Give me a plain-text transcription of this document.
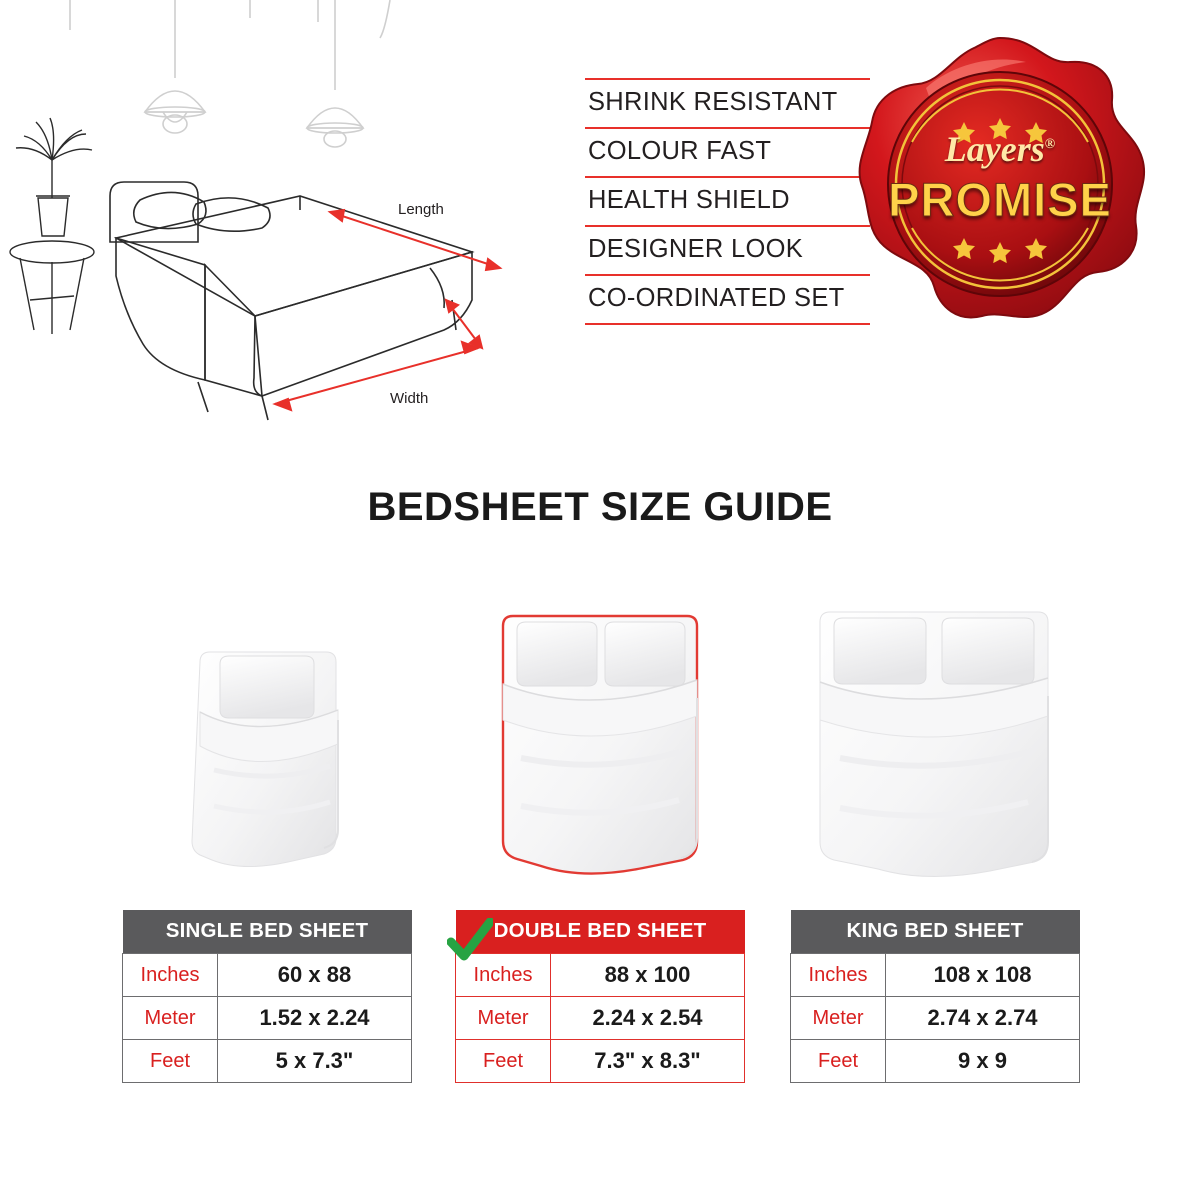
Length
Width
SHRINK RESISTANT
COLOUR FAST
HEALTH SHIELD
DESIGNER LOOK
CO-ORDINATED SET
Layers®
PROMISE
BEDSHEET SIZE GUIDE
SINGLE BED SHEET	
Inches	60 x 88
Meter	1.52 x 2.24
Feet	5 x 7.3"
DOUBLE BED SHEET	
Inches	88 x 100
Meter	2.24 x 2.54
Feet	7.3" x 8.3"
KING BED SHEET	
Inches	108 x 108
Meter	2.74 x 2.74
Feet	9 x 9
